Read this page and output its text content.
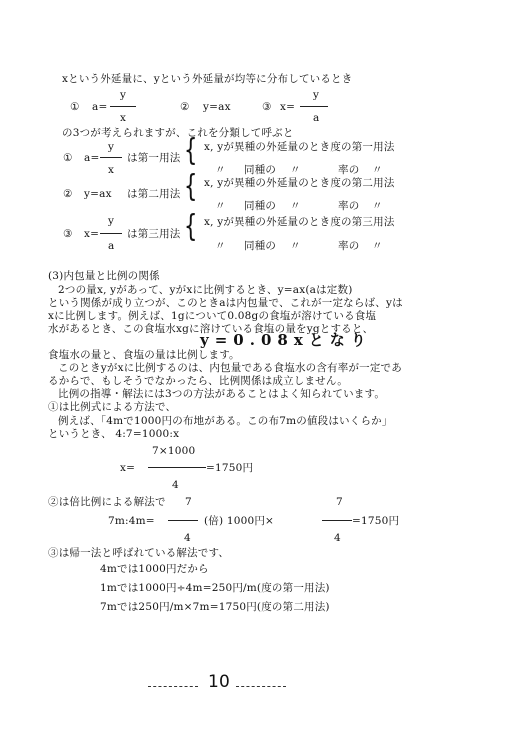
xという外延量に、yという外延量が均等に分布しているとき
y
① a=
x
② y=ax
y
③ x=
a
の3つが考えられますが、これを分類して呼ぶと
y
① a=	は第一用法
x
{ x, yが異種の外延量のとき度の第一用法
〃 同種の 〃	率の 〃
{ x, yが異種の外延量のとき度の第二用法
② y=ax は第二用法
〃 同種の 〃	率の 〃
y { x, yが異種の外延量のとき度の第三用法
③ x=	は第三用法
a	〃 同種の 〃	率の 〃
(3)内包量と比例の関係
2つの量x, yがあって、yがxに比例するとき、y=ax(aは定数)
という関係が成り立つが、このときaは内包量で、これが一定ならば、yは
xに比例します。例えば、1gについて0.08gの食塩が溶けている食塩
水があるとき、この食塩水xgに溶けている食塩の量をygとすると、
y=0.08xとなり
食塩水の量と、食塩の量は比例します。
このときyがxに比例するのは、内包量である食塩水の含有率が一定であ
るからで、もしそうでなかったら、比例関係は成立しません。
比例の指導・解法には3つの方法があることはよく知られています。
①は比例式による方法で、
例えば、「4mで1000円の布地がある。この布7mの値段はいくらか」
というとき、 4:7=1000:x
7×1000
x=	=1750円
4
②は倍比例による解法で 7	7
7m:4m=	(倍) 1000円×	=1750円
4	4
③は帰一法と呼ばれている解法です、
4mでは1000円だから
1mでは1000円÷4m=250円/m(度の第一用法)
7mでは250円/m×7m=1750円(度の第二用法)
10
